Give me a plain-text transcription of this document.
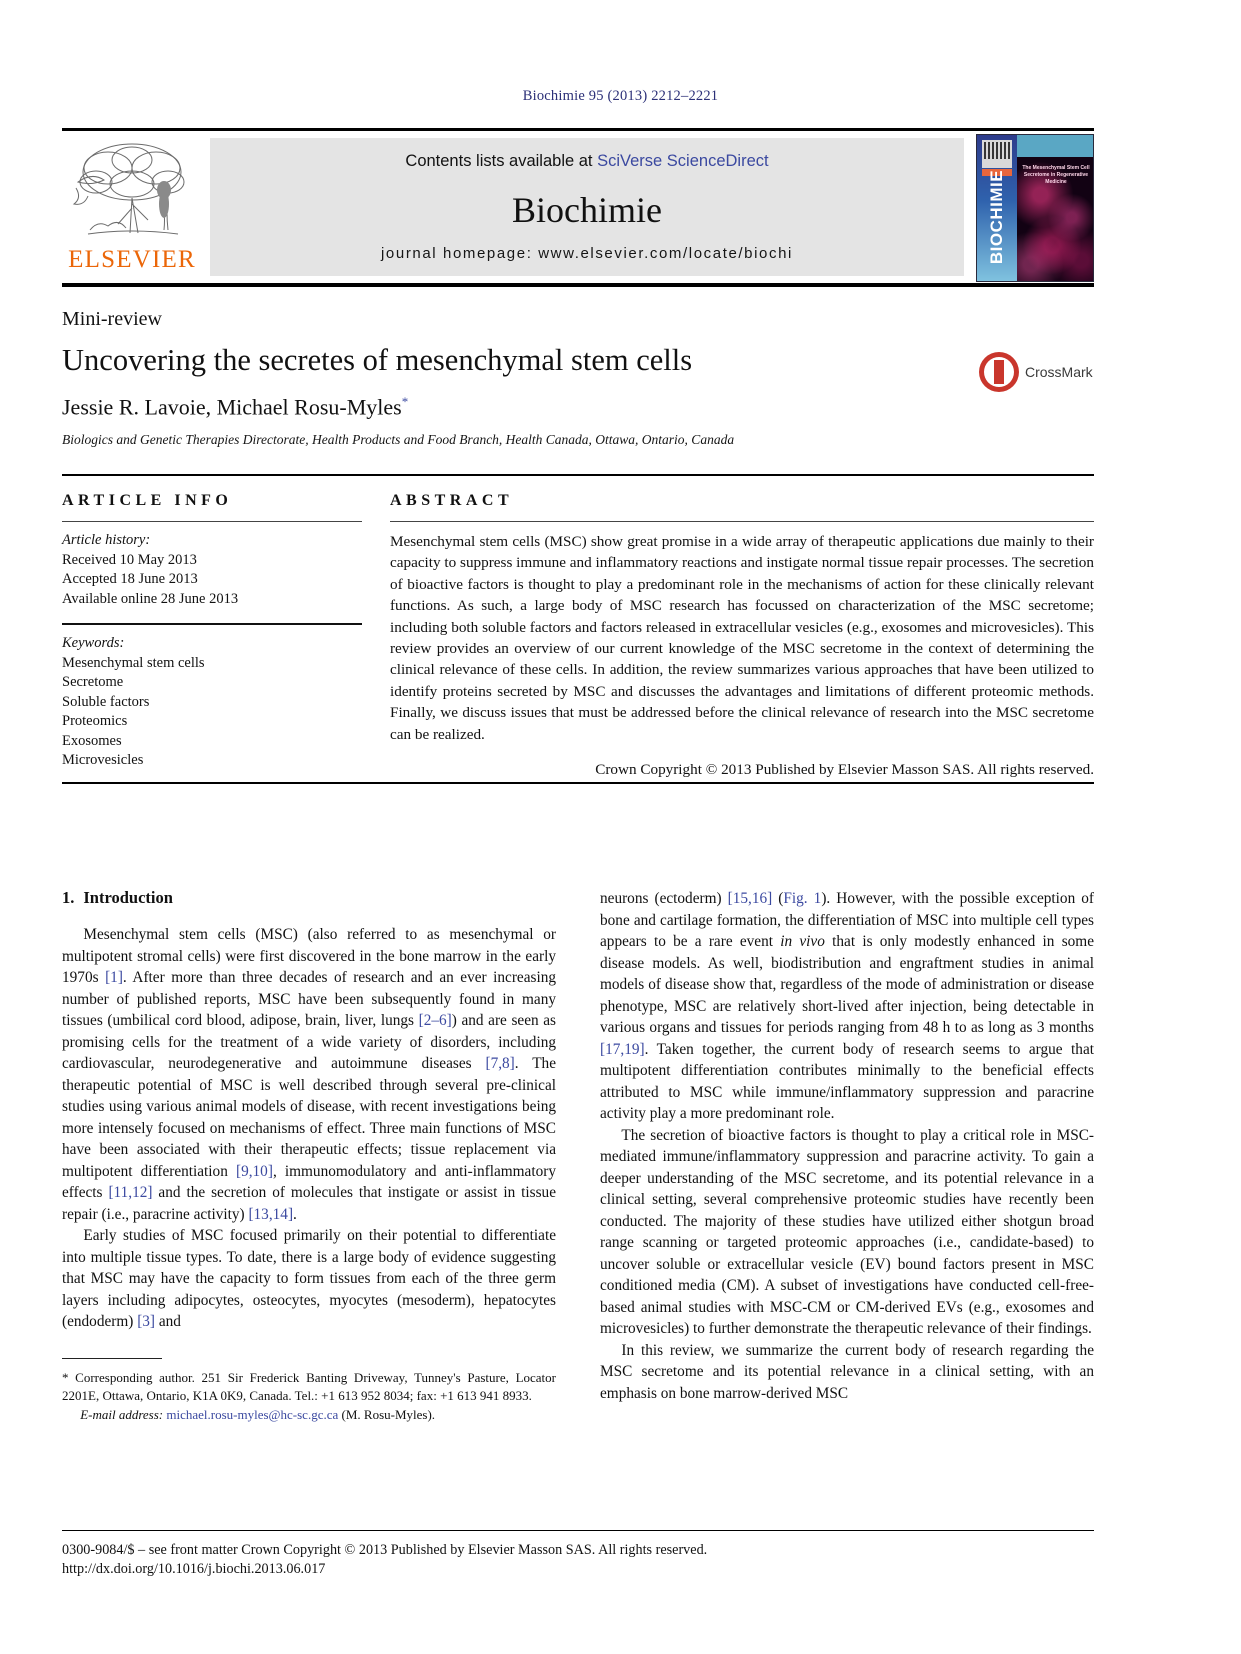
Biochimie 95 (2013) 2212–2221
ELSEVIER
Contents lists available at SciVerse ScienceDirect
Biochimie
journal homepage: www.elsevier.com/locate/biochi
The Mesenchymal Stem Cell Secretome in Regenerative Medicine
BIOCHIMIE
Mini-review
Uncovering the secretes of mesenchymal stem cells
Jessie R. Lavoie, Michael Rosu-Myles*
Biologics and Genetic Therapies Directorate, Health Products and Food Branch, Health Canada, Ottawa, Ontario, Canada
CrossMark
ARTICLE INFO
Article history:
Received 10 May 2013
Accepted 18 June 2013
Available online 28 June 2013
Keywords:
Mesenchymal stem cells
Secretome
Soluble factors
Proteomics
Exosomes
Microvesicles
ABSTRACT
Mesenchymal stem cells (MSC) show great promise in a wide array of therapeutic applications due mainly to their capacity to suppress immune and inflammatory reactions and instigate normal tissue repair processes. The secretion of bioactive factors is thought to play a predominant role in the mechanisms of action for these clinically relevant functions. As such, a large body of MSC research has focussed on characterization of the MSC secretome; including both soluble factors and factors released in extracellular vesicles (e.g., exosomes and microvesicles). This review provides an overview of our current knowledge of the MSC secretome in the context of determining the clinical relevance of these cells. In addition, the review summarizes various approaches that have been utilized to identify proteins secreted by MSC and discusses the advantages and limitations of different proteomic methods. Finally, we discuss issues that must be addressed before the clinical relevance of research into the MSC secretome can be realized.
Crown Copyright © 2013 Published by Elsevier Masson SAS. All rights reserved.
1. Introduction
Mesenchymal stem cells (MSC) (also referred to as mesenchymal or multipotent stromal cells) were first discovered in the bone marrow in the early 1970s [1]. After more than three decades of research and an ever increasing number of published reports, MSC have been subsequently found in many tissues (umbilical cord blood, adipose, brain, liver, lungs [2–6]) and are seen as promising cells for the treatment of a wide variety of disorders, including cardiovascular, neurodegenerative and autoimmune diseases [7,8]. The therapeutic potential of MSC is well described through several pre-clinical studies using various animal models of disease, with recent investigations being more intensely focused on mechanisms of effect. Three main functions of MSC have been associated with their therapeutic effects; tissue replacement via multipotent differentiation [9,10], immunomodulatory and anti-inflammatory effects [11,12] and the secretion of molecules that instigate or assist in tissue repair (i.e., paracrine activity) [13,14].
Early studies of MSC focused primarily on their potential to differentiate into multiple tissue types. To date, there is a large body of evidence suggesting that MSC may have the capacity to form tissues from each of the three germ layers including adipocytes, osteocytes, myocytes (mesoderm), hepatocytes (endoderm) [3] and
neurons (ectoderm) [15,16] (Fig. 1). However, with the possible exception of bone and cartilage formation, the differentiation of MSC into multiple cell types appears to be a rare event in vivo that is only modestly enhanced in some disease models. As well, biodistribution and engraftment studies in animal models of disease show that, regardless of the mode of administration or disease phenotype, MSC are relatively short-lived after injection, being detectable in various organs and tissues for periods ranging from 48 h to as long as 3 months [17,19]. Taken together, the current body of research seems to argue that multipotent differentiation contributes minimally to the beneficial effects attributed to MSC while immune/inflammatory suppression and paracrine activity play a more predominant role.
The secretion of bioactive factors is thought to play a critical role in MSC-mediated immune/inflammatory suppression and paracrine activity. To gain a deeper understanding of the MSC secretome, and its potential relevance in a clinical setting, several comprehensive proteomic studies have recently been conducted. The majority of these studies have utilized either shotgun broad range scanning or targeted proteomic approaches (i.e., candidate-based) to uncover soluble or extracellular vesicle (EV) bound factors present in MSC conditioned media (CM). A subset of investigations have conducted cell-free-based animal studies with MSC-CM or CM-derived EVs (e.g., exosomes and microvesicles) to further demonstrate the therapeutic relevance of their findings.
In this review, we summarize the current body of research regarding the MSC secretome and its potential relevance in a clinical setting, with an emphasis on bone marrow-derived MSC
* Corresponding author. 251 Sir Frederick Banting Driveway, Tunney's Pasture, Locator 2201E, Ottawa, Ontario, K1A 0K9, Canada. Tel.: +1 613 952 8034; fax: +1 613 941 8933.
E-mail address: michael.rosu-myles@hc-sc.gc.ca (M. Rosu-Myles).
0300-9084/$ – see front matter Crown Copyright © 2013 Published by Elsevier Masson SAS. All rights reserved.
http://dx.doi.org/10.1016/j.biochi.2013.06.017
